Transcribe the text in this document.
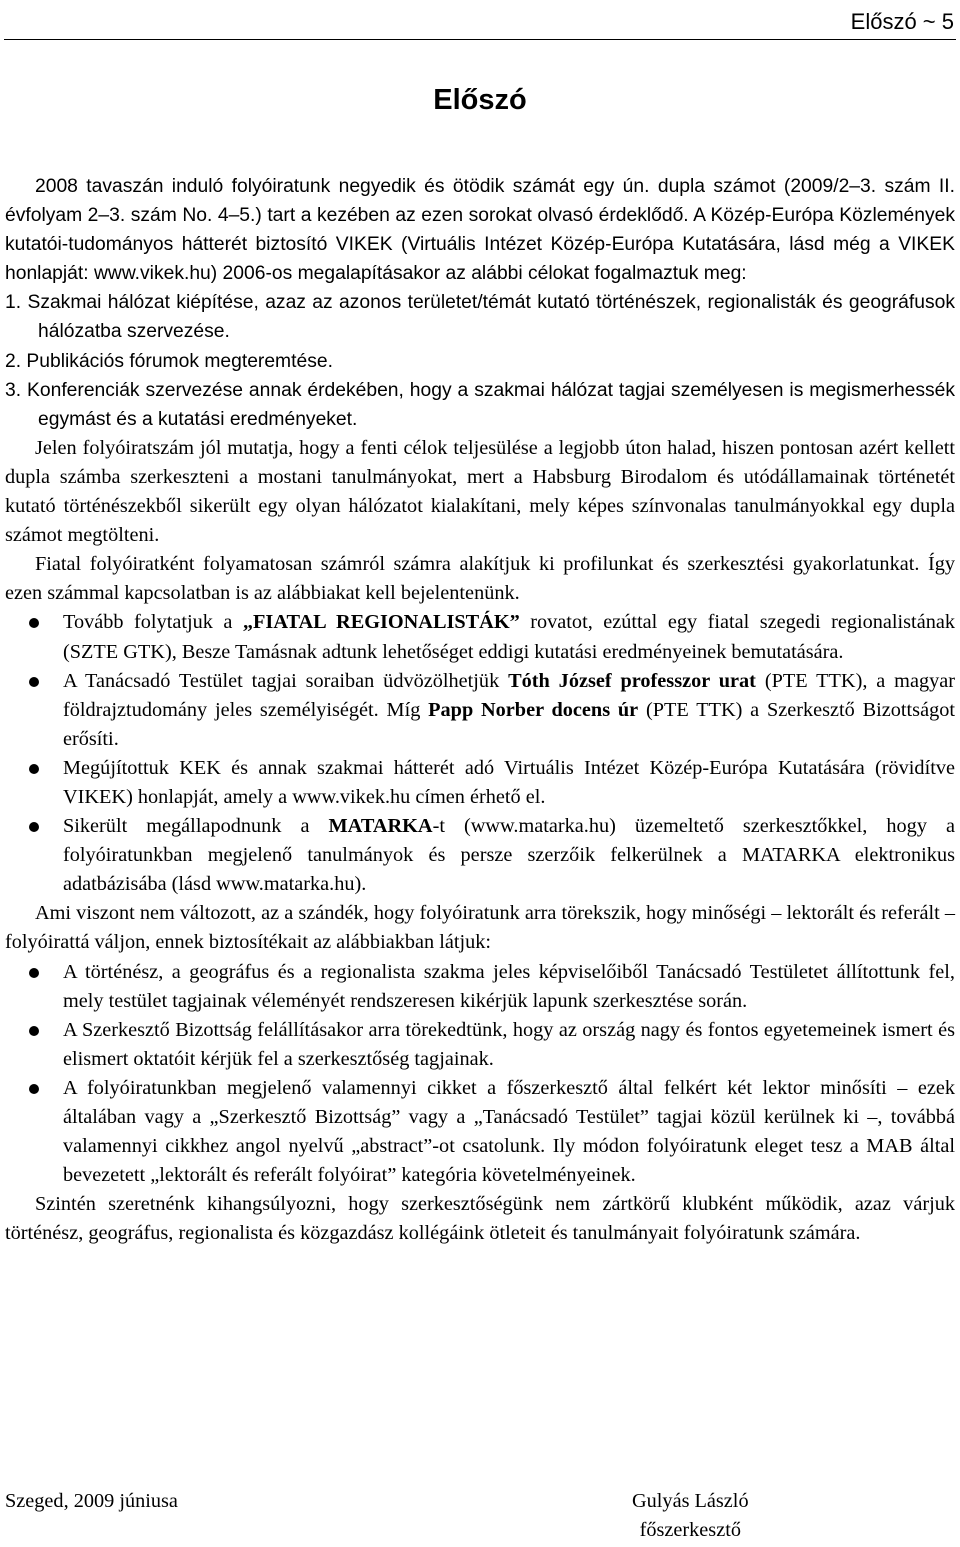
Előszó ~ 5
Előszó

2008 tavaszán induló folyóiratunk negyedik és ötödik számát egy ún. dupla számot (2009/2–3. szám II. évfolyam 2–3. szám No. 4–5.) tart a kezében az ezen sorokat olvasó érdeklődő. A Közép-Európa Közlemények kutatói-tudományos hátterét biztosító VIKEK (Virtuális Intézet Közép-Európa Kutatására, lásd még a VIKEK honlapját: www.vikek.hu) 2006-os megalapításakor az alábbi célokat fogalmaztuk meg:

1. Szakmai hálózat kiépítése, azaz az azonos területet/témát kutató történészek, regionalisták és geográfusok hálózatba szervezése.
2. Publikációs fórumok megteremtése.
3. Konferenciák szervezése annak érdekében, hogy a szakmai hálózat tagjai személyesen is megismerhessék egymást és a kutatási eredményeket.

Jelen folyóiratszám jól mutatja, hogy a fenti célok teljesülése a legjobb úton halad, hiszen pontosan azért kellett dupla számba szerkeszteni a mostani tanulmányokat, mert a Habsburg Birodalom és utódállamainak történetét kutató történészekből sikerült egy olyan hálózatot kialakítani, mely képes színvonalas tanulmányokkal egy dupla számot megtölteni.

Fiatal folyóiratként folyamatosan számról számra alakítjuk ki profilunkat és szerkesztési gyakorlatunkat. Így ezen számmal kapcsolatban is az alábbiakat kell bejelentenünk.

Tovább folytatjuk a „FIATAL REGIONALISTÁK” rovatot, ezúttal egy fiatal szegedi regionalistának (SZTE GTK), Besze Tamásnak adtunk lehetőséget eddigi kutatási eredményeinek bemutatására.
A Tanácsadó Testület tagjai soraiban üdvözölhetjük Tóth József professzor urat (PTE TTK), a magyar földrajztudomány jeles személyiségét. Míg Papp Norber docens úr (PTE TTK) a Szerkesztő Bizottságot erősíti.
Megújítottuk KEK és annak szakmai hátterét adó Virtuális Intézet Közép-Európa Kutatására (rövidítve VIKEK) honlapját, amely a www.vikek.hu címen érhető el.
Sikerült megállapodnunk a MATARKA-t (www.matarka.hu) üzemeltető szerkesztőkkel, hogy a folyóiratunkban megjelenő tanulmányok és persze szerzőik felkerülnek a MATARKA elektronikus adatbázisába (lásd www.matarka.hu).

Ami viszont nem változott, az a szándék, hogy folyóiratunk arra törekszik, hogy minőségi – lektorált és referált – folyóirattá váljon, ennek biztosítékait az alábbiakban látjuk:

A történész, a geográfus és a regionalista szakma jeles képviselőiből Tanácsadó Testületet állítottunk fel, mely testület tagjainak véleményét rendszeresen kikérjük lapunk szerkesztése során.
A Szerkesztő Bizottság felállításakor arra törekedtünk, hogy az ország nagy és fontos egyetemeinek ismert és elismert oktatóit kérjük fel a szerkesztőség tagjainak.
A folyóiratunkban megjelenő valamennyi cikket a főszerkesztő által felkért két lektor minősíti – ezek általában vagy a „Szerkesztő Bizottság” vagy a „Tanácsadó Testület” tagjai közül kerülnek ki –, továbbá valamennyi cikkhez angol nyelvű „abstract”-ot csatolunk. Ily módon folyóiratunk eleget tesz a MAB által bevezetett „lektorált és referált folyóirat” kategória követelményeinek.

Szintén szeretnénk kihangsúlyozni, hogy szerkesztőségünk nem zártkörű klubként működik, azaz várjuk történész, geográfus, regionalista és közgazdász kollégáink ötleteit és tanulmányait folyóiratunk számára.

Szeged, 2009 júniusa	Gulyás László
főszerkesztő
